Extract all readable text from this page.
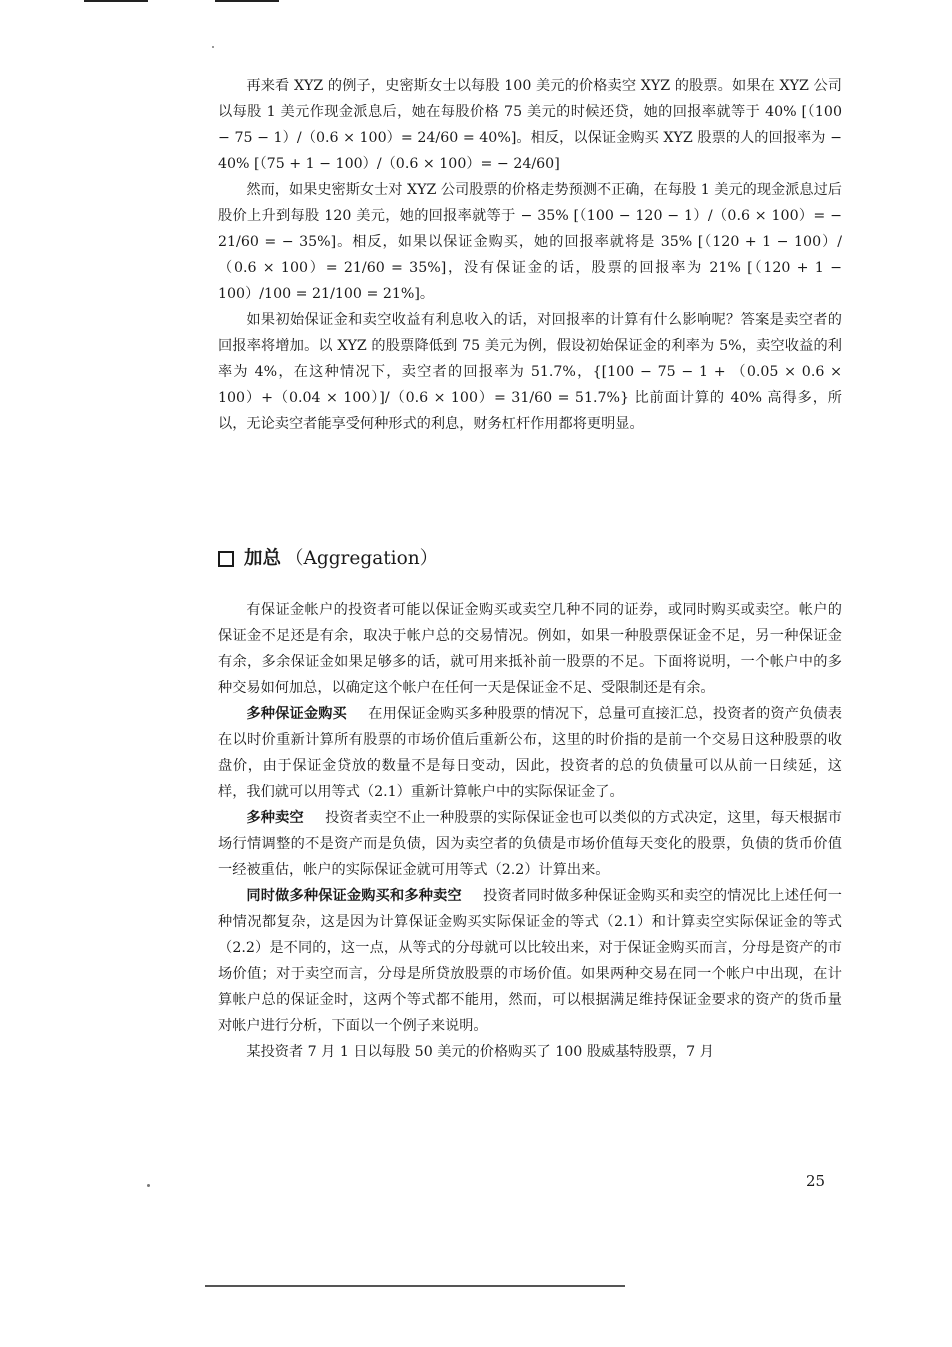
再来看 XYZ 的例子，史密斯女士以每股 100 美元的价格卖空 XYZ 的股票。如果在 XYZ 公司以每股 1 美元作现金派息后，她在每股价格 75 美元的时候还贷，她的回报率就等于 40% [（100 − 75 − 1）/（0.6 × 100）= 24/60 = 40%]。相反，以保证金购买 XYZ 股票的人的回报率为 − 40% [（75 + 1 − 100）/（0.6 × 100）= − 24/60]

然而，如果史密斯女士对 XYZ 公司股票的价格走势预测不正确，在每股 1 美元的现金派息过后股价上升到每股 120 美元，她的回报率就等于 − 35% [（100 − 120 − 1）/（0.6 × 100）= − 21/60 = − 35%]。相反，如果以保证金购买，她的回报率就将是 35% [（120 + 1 − 100）/（0.6 × 100）= 21/60 = 35%]，没有保证金的话，股票的回报率为 21% [（120 + 1 − 100）/100 = 21/100 = 21%]。

如果初始保证金和卖空收益有利息收入的话，对回报率的计算有什么影响呢？答案是卖空者的回报率将增加。以 XYZ 的股票降低到 75 美元为例，假设初始保证金的利率为 5%，卖空收益的利率为 4%，在这种情况下，卖空者的回报率为 51.7%，{[100 − 75 − 1 + （0.05 × 0.6 × 100）+（0.04 × 100）]/（0.6 × 100）= 31/60 = 51.7%} 比前面计算的 40% 高得多，所以，无论卖空者能享受何种形式的利息，财务杠杆作用都将更明显。

加总 （Aggregation）

有保证金帐户的投资者可能以保证金购买或卖空几种不同的证券，或同时购买或卖空。帐户的保证金不足还是有余，取决于帐户总的交易情况。例如，如果一种股票保证金不足，另一种保证金有余，多余保证金如果足够多的话，就可用来抵补前一股票的不足。下面将说明，一个帐户中的多种交易如何加总，以确定这个帐户在任何一天是保证金不足、受限制还是有余。

多种保证金购买 在用保证金购买多种股票的情况下，总量可直接汇总，投资者的资产负债表在以时价重新计算所有股票的市场价值后重新公布，这里的时价指的是前一个交易日这种股票的收盘价，由于保证金贷放的数量不是每日变动，因此，投资者的总的负债量可以从前一日续延，这样，我们就可以用等式（2.1）重新计算帐户中的实际保证金了。

多种卖空 投资者卖空不止一种股票的实际保证金也可以类似的方式决定，这里，每天根据市场行情调整的不是资产而是负债，因为卖空者的负债是市场价值每天变化的股票，负债的货币价值一经被重估，帐户的实际保证金就可用等式（2.2）计算出来。

同时做多种保证金购买和多种卖空 投资者同时做多种保证金购买和卖空的情况比上述任何一种情况都复杂，这是因为计算保证金购买实际保证金的等式（2.1）和计算卖空实际保证金的等式（2.2）是不同的，这一点，从等式的分母就可以比较出来，对于保证金购买而言，分母是资产的市场价值；对于卖空而言，分母是所贷放股票的市场价值。如果两种交易在同一个帐户中出现，在计算帐户总的保证金时，这两个等式都不能用，然而，可以根据满足维持保证金要求的资产的货币量对帐户进行分析，下面以一个例子来说明。

某投资者 7 月 1 日以每股 50 美元的价格购买了 100 股威基特股票，7 月

25
